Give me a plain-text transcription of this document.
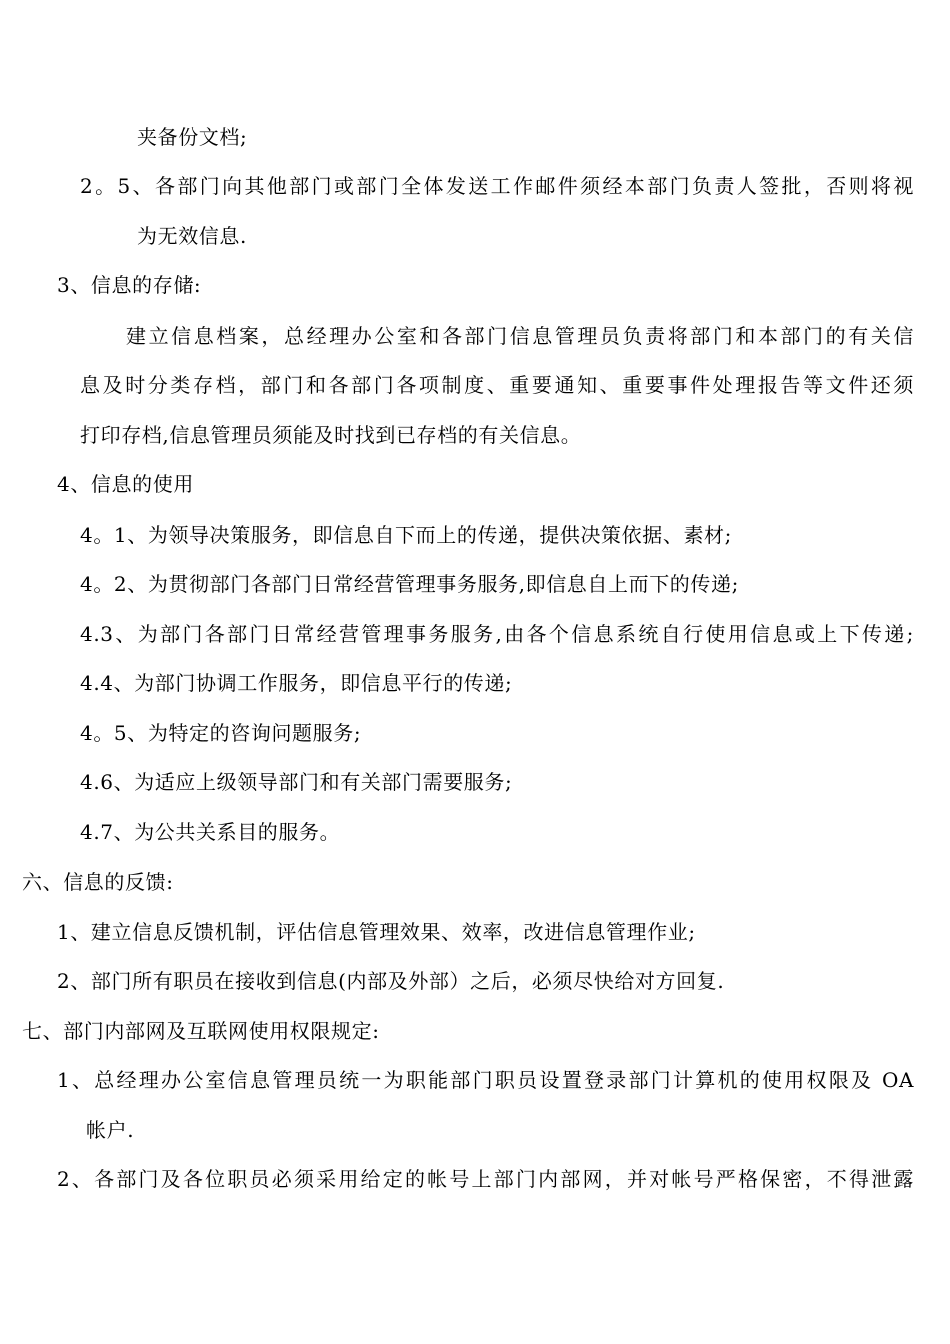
夹备份文档;
2。5、各部门向其他部门或部门全体发送工作邮件须经本部门负责人签批，否则将视
为无效信息.
3、信息的存储:
建立信息档案，总经理办公室和各部门信息管理员负责将部门和本部门的有关信
息及时分类存档，部门和各部门各项制度、重要通知、重要事件处理报告等文件还须
打印存档,信息管理员须能及时找到已存档的有关信息。
4、信息的使用
4。1、为领导决策服务，即信息自下而上的传递，提供决策依据、素材;
4。2、为贯彻部门各部门日常经营管理事务服务,即信息自上而下的传递;
4.3、为部门各部门日常经营管理事务服务,由各个信息系统自行使用信息或上下传递;
4.4、为部门协调工作服务，即信息平行的传递;
4。5、为特定的咨询问题服务;
4.6、为适应上级领导部门和有关部门需要服务;
4.7、为公共关系目的服务。
六、信息的反馈:
1、建立信息反馈机制，评估信息管理效果、效率，改进信息管理作业;
2、部门所有职员在接收到信息(内部及外部）之后，必须尽快给对方回复.
七、部门内部网及互联网使用权限规定:
1、总经理办公室信息管理员统一为职能部门职员设置登录部门计算机的使用权限及 OA
帐户.
2、各部门及各位职员必须采用给定的帐号上部门内部网，并对帐号严格保密，不得泄露
